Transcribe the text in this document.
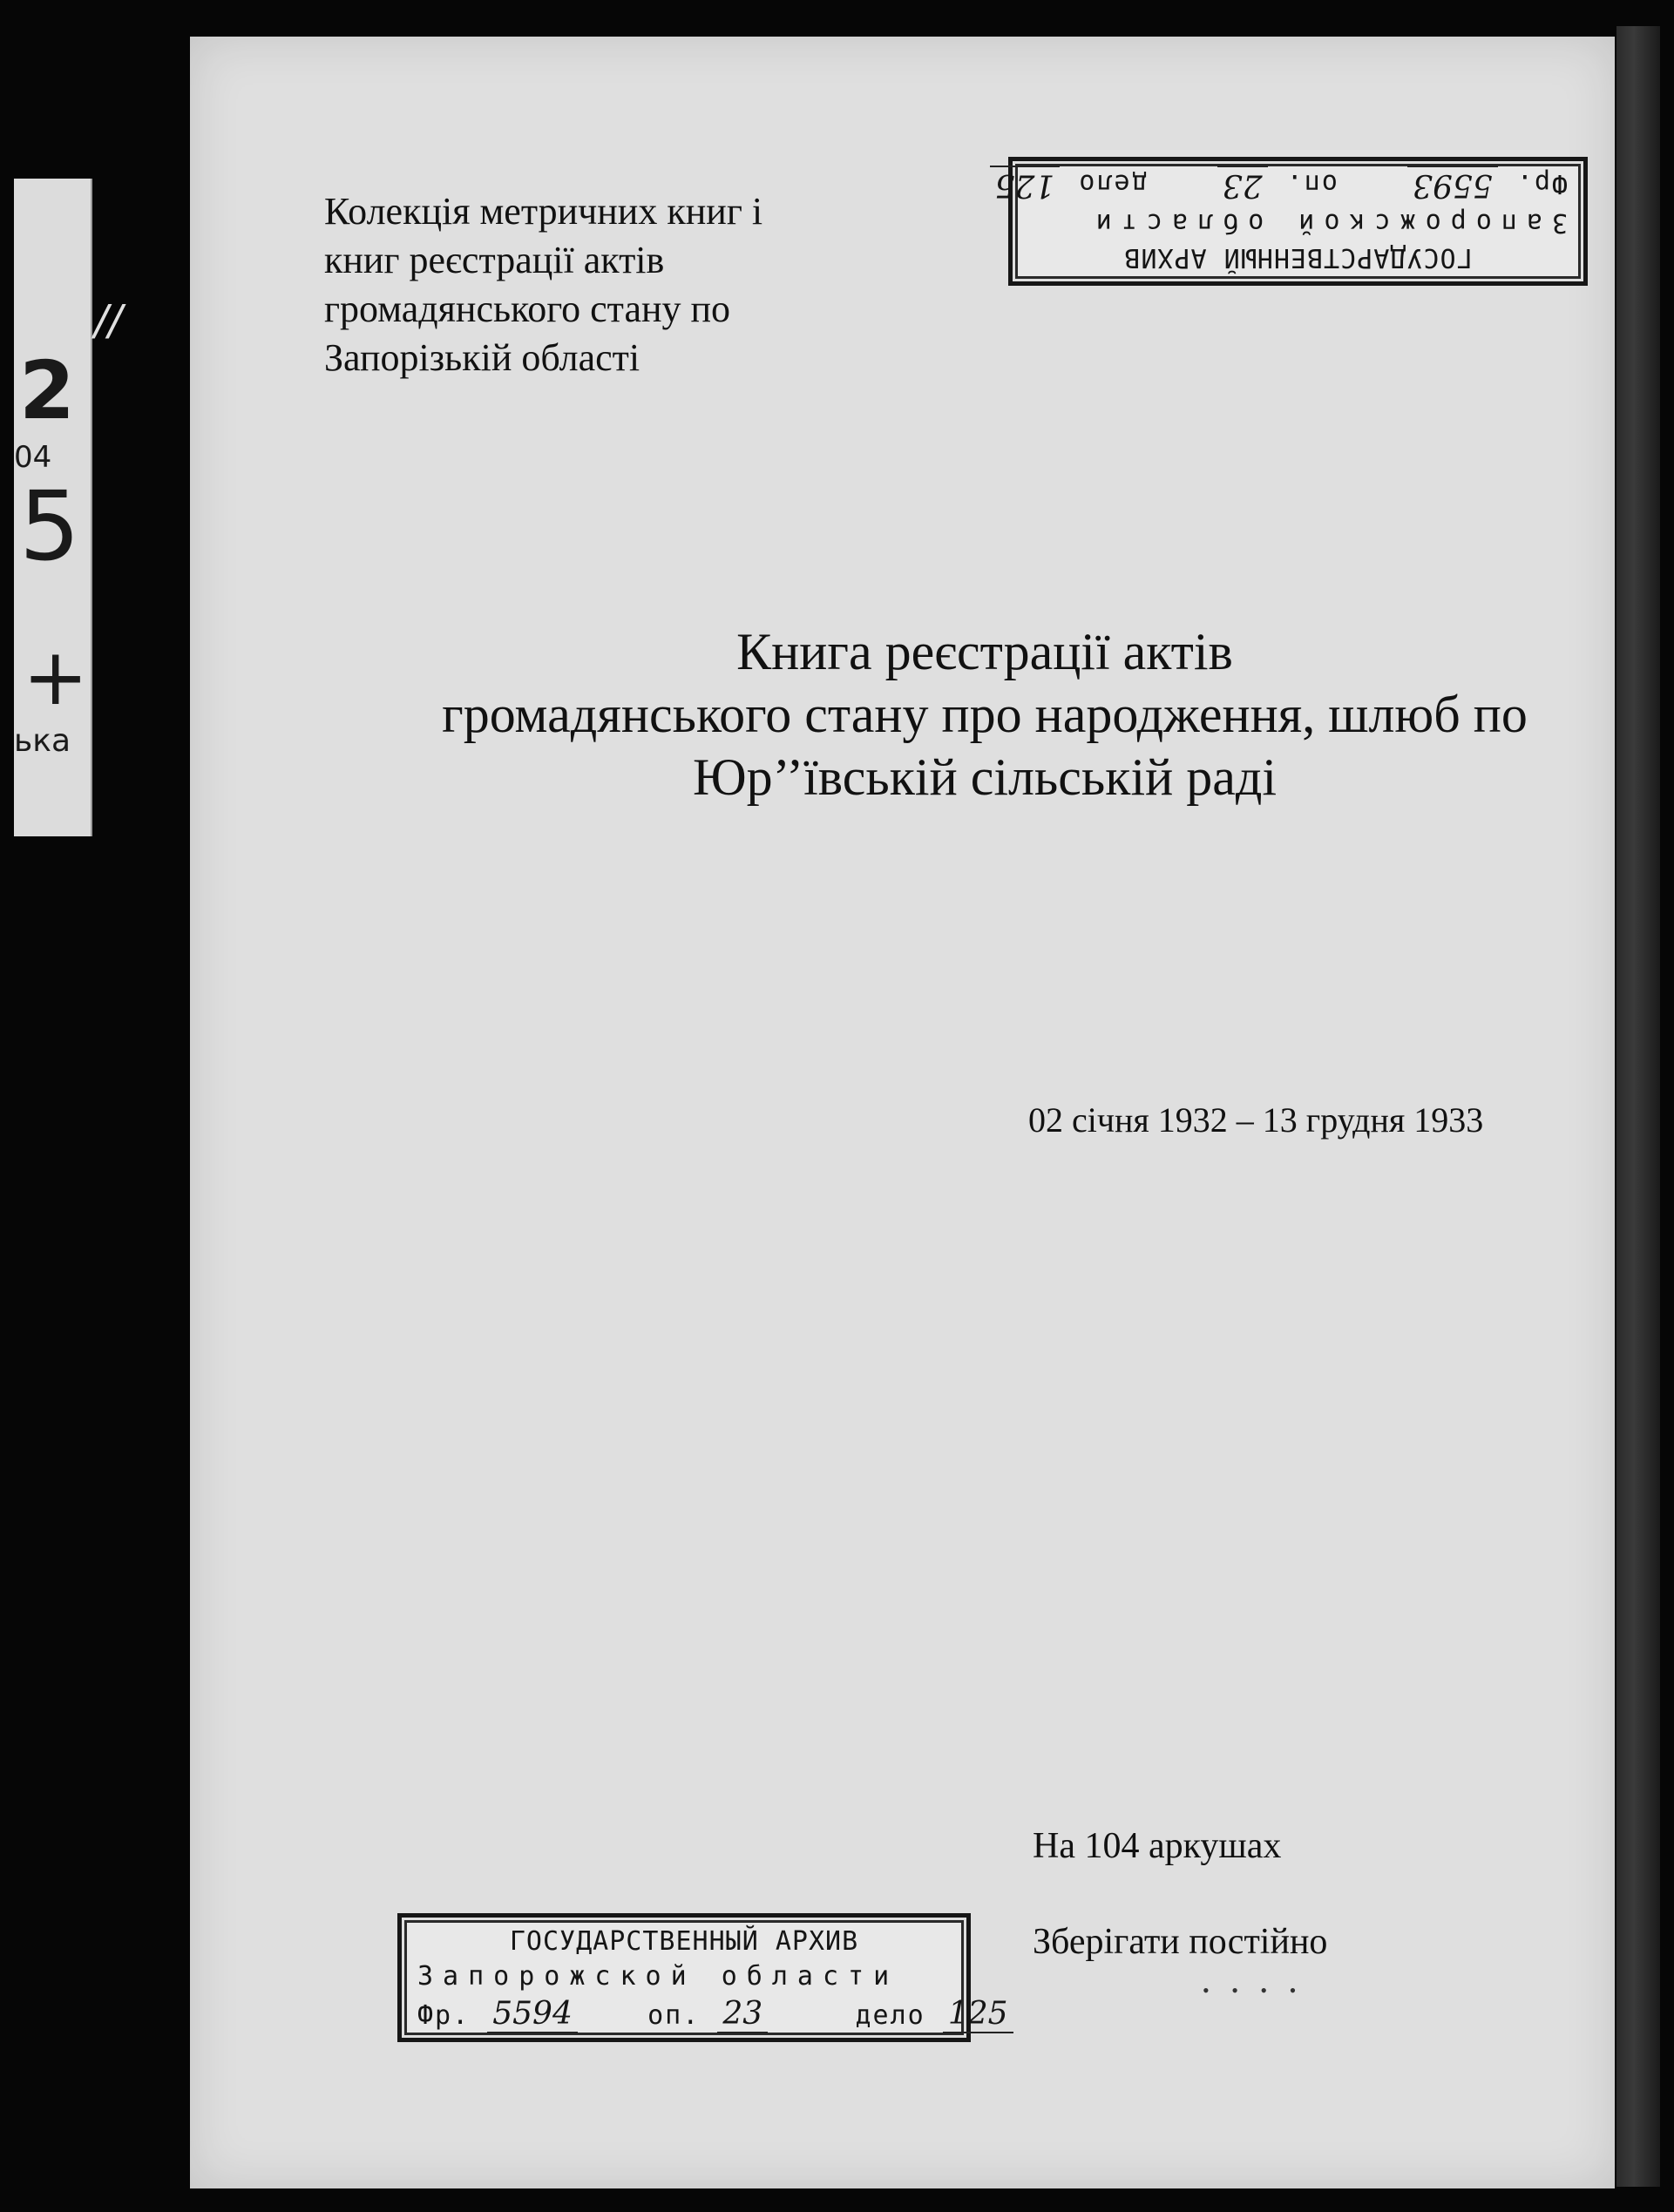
2
04
5
+
ька
//
Колекція метричних книг і
книг реєстрації актів
громадянського стану по
Запорізькій області
ГОСУДАРСТВЕННЫЙ АРХИВ
Запорожской области
Фр. 5593    оп. 23    дело 125
Книга реєстрації актів
громадянського стану про народження, шлюб по
Юр’’ївській сільській раді
02 січня 1932 – 13 грудня 1933
На 104 аркушах
Зберігати постійно
ГОСУДАРСТВЕННЫЙ АРХИВ
Запорожской области
Фр. 5594	оп. 23	дело 125
• • • •
